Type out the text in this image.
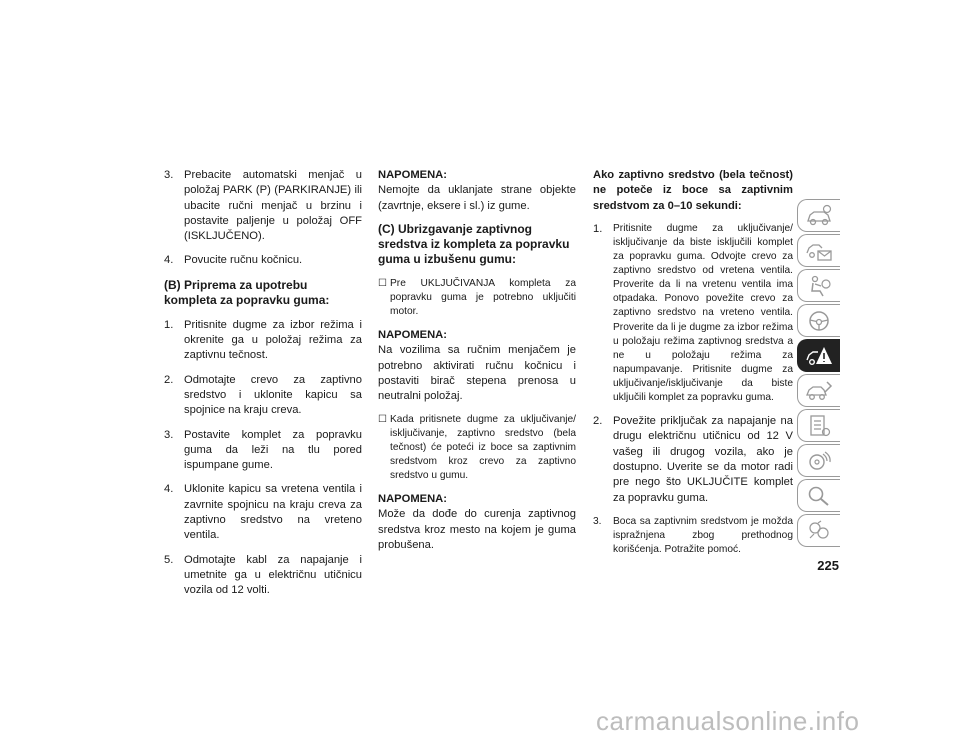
3. Prebacite automatski menjač u položaj PARK (P) (PARKIRANJE) ili ubacite ručni menjač u brzinu i postavite paljenje u položaj OFF (ISKLJUČENO).
4. Povucite ručnu kočnicu.

(B) Priprema za upotrebu kompleta za popravku guma:

1. Pritisnite dugme za izbor režima i okrenite ga u položaj režima za zaptivnu tečnost.
2. Odmotajte crevo za zaptivno sredstvo i uklonite kapicu sa spojnice na kraju creva.
3. Postavite komplet za popravku guma da leži na tlu pored ispumpane gume.
4. Uklonite kapicu sa vretena ventila i zavrnite spojnicu na kraju creva za zaptivno sredstvo na vreteno ventila.
5. Odmotajte kabl za napajanje i umetnite ga u električnu utičnicu vozila od 12 volti.

NAPOMENA:

Nemojte da uklanjate strane objekte (zavrtnje, eksere i sl.) iz gume.

(C) Ubrizgavanje zaptivnog sredstva iz kompleta za popravku guma u izbušenu gumu:

☐ Pre UKLJUČIVANJA kompleta za popravku guma je potrebno uključiti motor.

NAPOMENA:

Na vozilima sa ručnim menjačem je potrebno aktivirati ručnu kočnicu i postaviti birač stepena prenosa u neutralni položaj.

☐ Kada pritisnete dugme za uključivanje/ isključivanje, zaptivno sredstvo (bela tečnost) će poteći iz boce sa zaptivnim sredstvom kroz crevo za zaptivno sredstvo u gumu.

NAPOMENA:

Može da dođe do curenja zaptivnog sredstva kroz mesto na kojem je guma probušena.

Ako zaptivno sredstvo (bela tečnost) ne poteče iz boce sa zaptivnim sredstvom za 0–10 sekundi:

1.	Pritisnite dugme za uključivanje/ isključivanje da biste isključili komplet za popravku guma. Odvojte crevo za zaptivno sredstvo od vretena ventila. Proverite da li na vretenu ventila ima otpadaka. Ponovo povežite crevo za zaptivno sredstvo na vreteno ventila. Proverite da li je dugme za izbor režima u položaju režima zaptivnog sredstva a ne u položaju režima za napumpavanje. Pritisnite dugme za uključivanje/isključivanje da biste uključili komplet za popravku guma.
2. Povežite priključak za napajanje na drugu električnu utičnicu od 12 V vašeg ili drugog vozila, ako je dostupno. Uverite se da motor radi pre nego što UKLJUČITE komplet za popravku guma.
3.	Boca sa zaptivnim sredstvom je možda ispražnjena zbog prethodnog korišćenja. Potražite pomoć.
225
carmanualsonline.info
